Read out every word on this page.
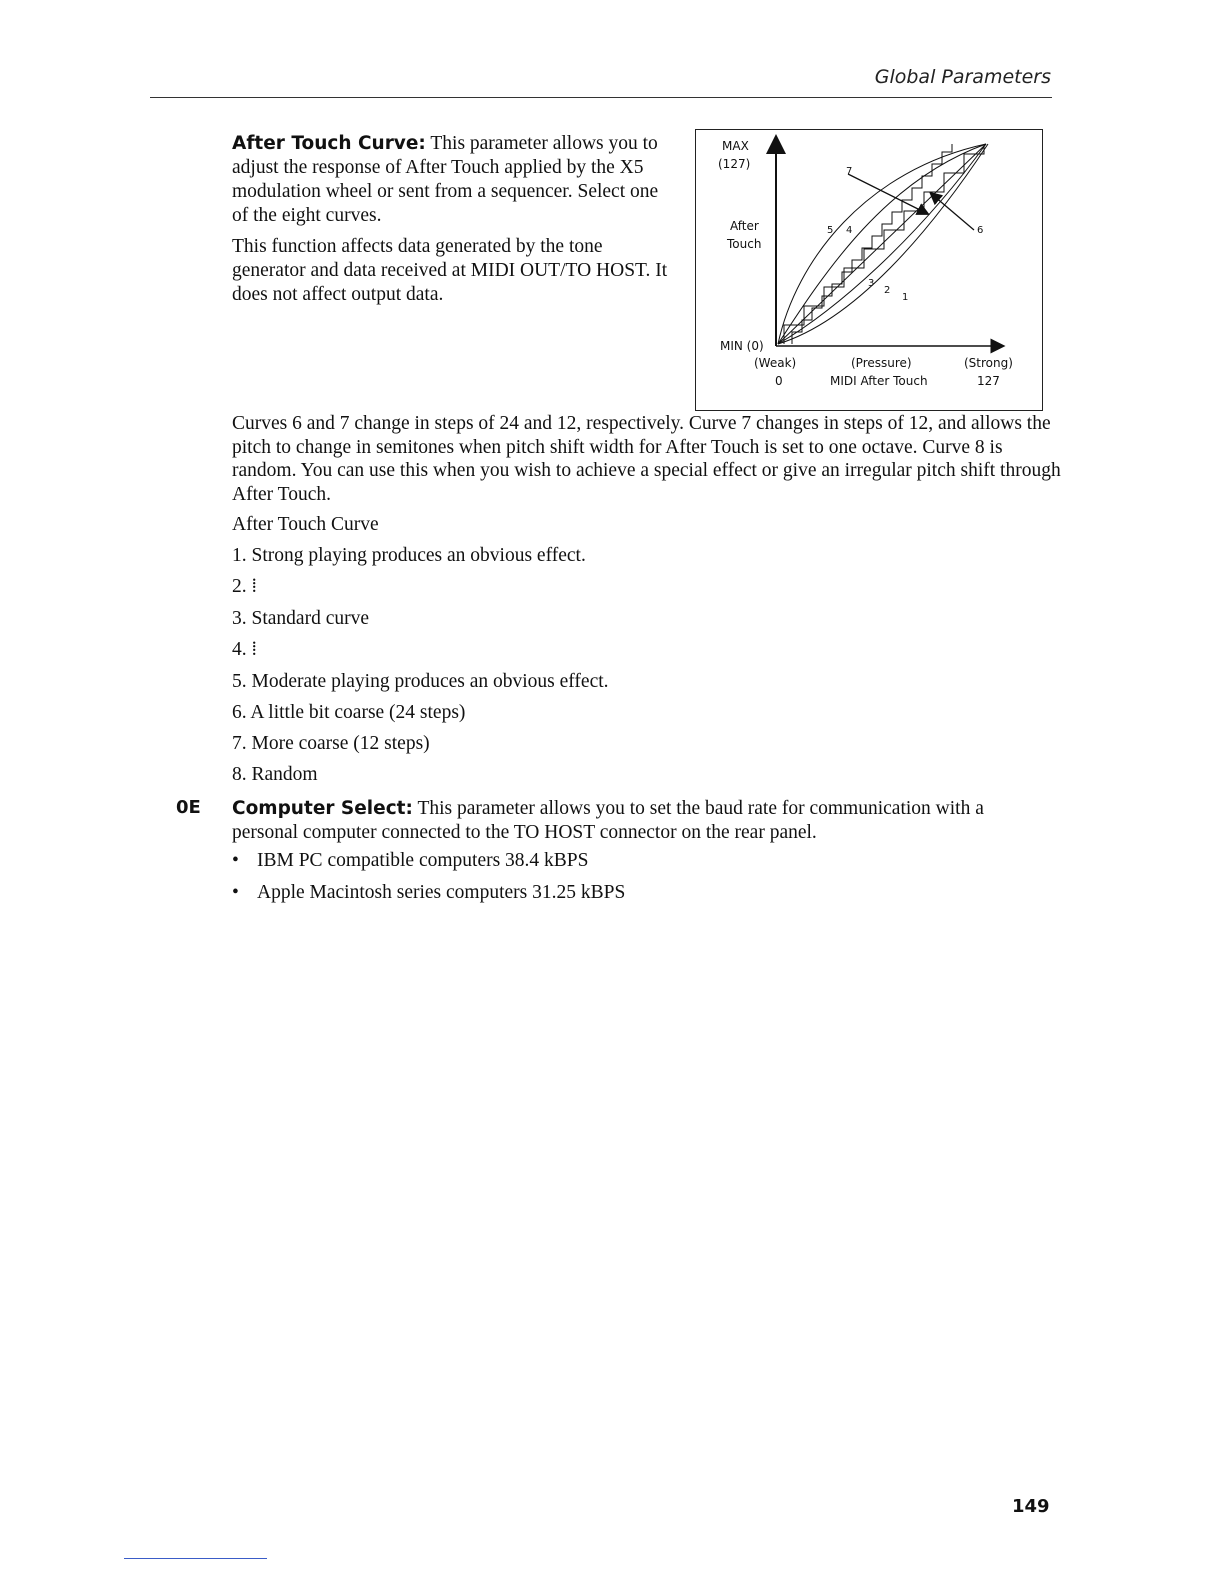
Global Parameters

After Touch Curve: This parameter allows you to adjust the response of After Touch applied by the X5 modulation wheel or sent from a sequencer. Select one of the eight curves.

This function affects data generated by the tone generator and data received at MIDI OUT/TO HOST. It does not affect output data.

MAX
(127)
After
Touch
MIN (0)
(Weak)	(Pressure)	(Strong)
0	MIDI After Touch	127
7
5 4	6
3
2
1
Curves 6 and 7 change in steps of 24 and 12, respectively. Curve 7 changes in steps of 12, and allows the pitch to change in semitones when pitch shift width for After Touch is set to one octave. Curve 8 is random. You can use this when you wish to achieve a special effect or give an irregular pitch shift through After Touch.
After Touch Curve
1. Strong playing produces an obvious effect.
2. ⁞
3. Standard curve
4. ⁞
5. Moderate playing produces an obvious effect.
6. A little bit coarse (24 steps)
7. More coarse (12 steps)
8. Random
0E Computer Select: This parameter allows you to set the baud rate for communication with a personal computer connected to the TO HOST connector on the rear panel.
• IBM PC compatible computers 38.4 kBPS
• Apple Macintosh series computers 31.25 kBPS
149
